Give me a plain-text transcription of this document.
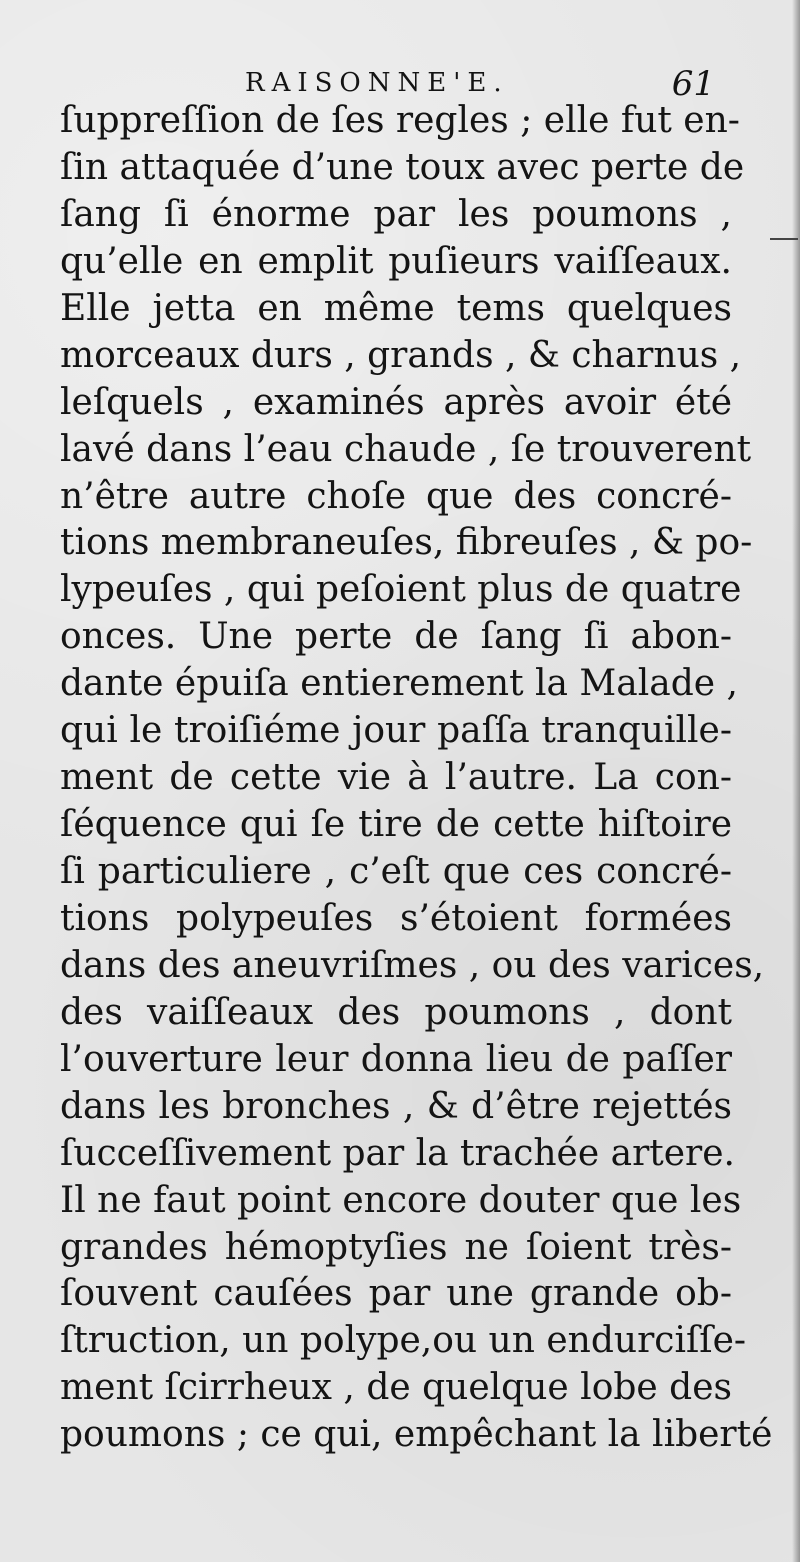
RAISONNE'E.	61
ſuppreſſion de ſes regles ; elle fut en-
ſin attaquée d’une toux avec perte de
ſang ſi énorme par les poumons ,
qu’elle en emplit puſieurs vaiſſeaux.
Elle jetta en même tems quelques
morceaux durs , grands , & charnus ,
leſquels , examinés après avoir été
lavé dans l’eau chaude , ſe trouverent
n’être autre choſe que des concré-
tions membraneuſes, fibreuſes , & po-
lypeuſes , qui peſoient plus de quatre
onces. Une perte de ſang ſi abon-
dante épuiſa entierement la Malade ,
qui le troiſiéme jour paſſa tranquille-
ment de cette vie à l’autre. La con-
ſéquence qui ſe tire de cette hiſtoire
ſi particuliere , c’eſt que ces concré-
tions polypeuſes s’étoient formées
dans des aneuvriſmes , ou des varices,
des vaiſſeaux des poumons , dont
l’ouverture leur donna lieu de paſſer
dans les bronches , & d’être rejettés
ſucceſſivement par la trachée artere.
Il ne faut point encore douter que les
grandes hémoptyſies ne ſoient très-
ſouvent cauſées par une grande ob-
ſtruction, un polype,ou un endurciſſe-
ment ſcirrheux , de quelque lobe des
poumons ; ce qui, empêchant la liberté
